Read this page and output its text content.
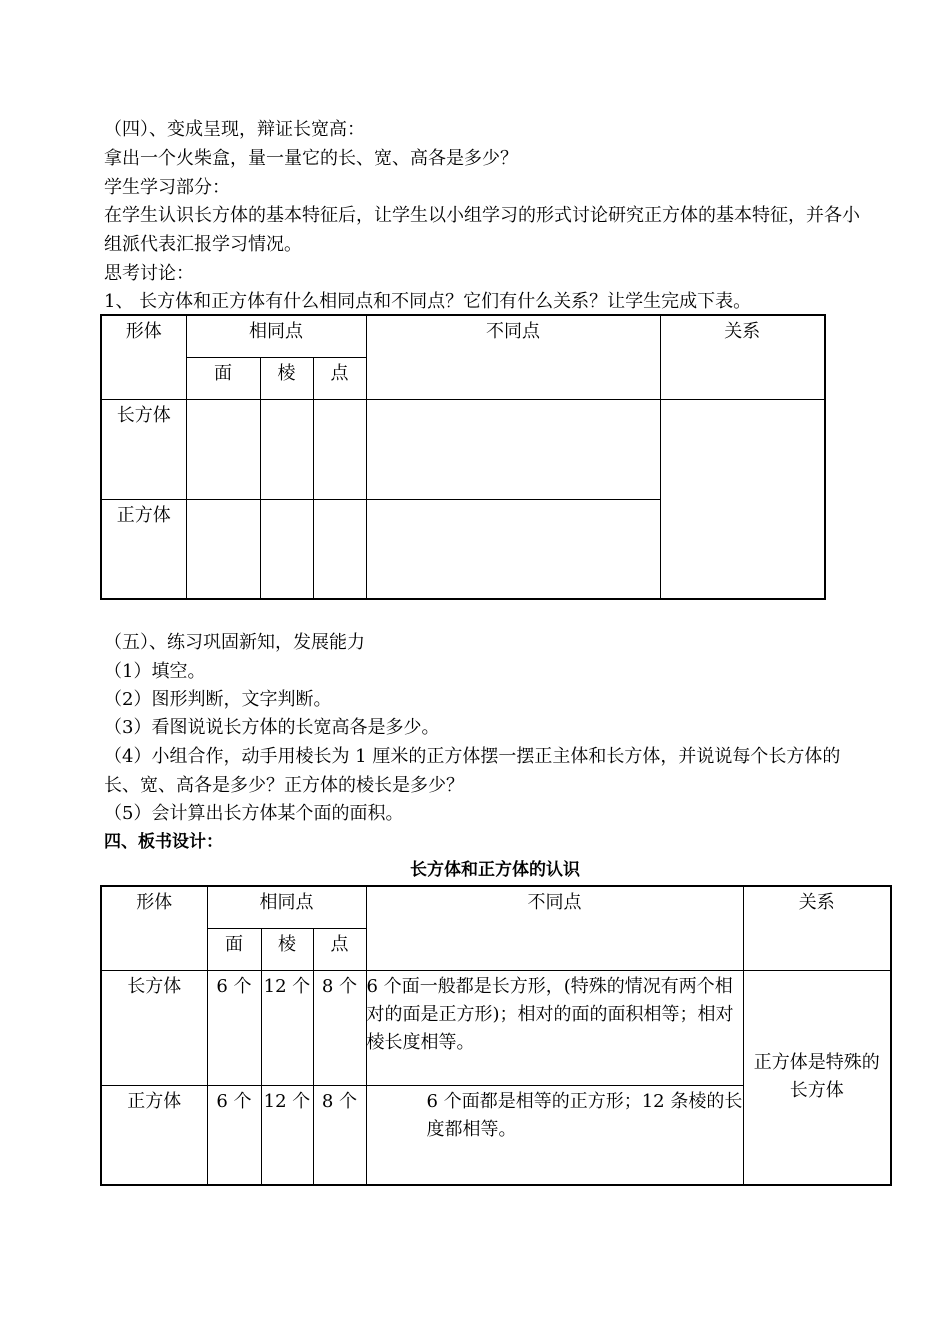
（四）、变成呈现，辩证长宽高：
拿出一个火柴盒，量一量它的长、宽、高各是多少？
学生学习部分：
在学生认识长方体的基本特征后，让学生以小组学习的形式讨论研究正方体的基本特征，并各小组派代表汇报学习情况。
思考讨论：
1、 长方体和正方体有什么相同点和不同点？它们有什么关系？让学生完成下表。
形体	相同点			不同点	关系
	面	棱	点		
长方体					
正方体					
（五）、练习巩固新知，发展能力
（1）填空。
（2）图形判断，文字判断。
（3）看图说说长方体的长宽高各是多少。
（4）小组合作，动手用棱长为 1 厘米的正方体摆一摆正主体和长方体，并说说每个长方体的长、宽、高各是多少？正方体的棱长是多少？
（5）会计算出长方体某个面的面积。
四、板书设计：
长方体和正方体的认识
形体	相同点			不同点	关系
	面	棱	点		
长方体	6 个	12 个	8 个	6 个面一般都是长方形，(特殊的情况有两个相对的面是正方形)；相对的面的面积相等；相对棱长度相等。	正方体是特殊的长方体
正方体	6 个	12 个	8 个	6 个面都是相等的正方形；12 条棱的长度都相等。	
